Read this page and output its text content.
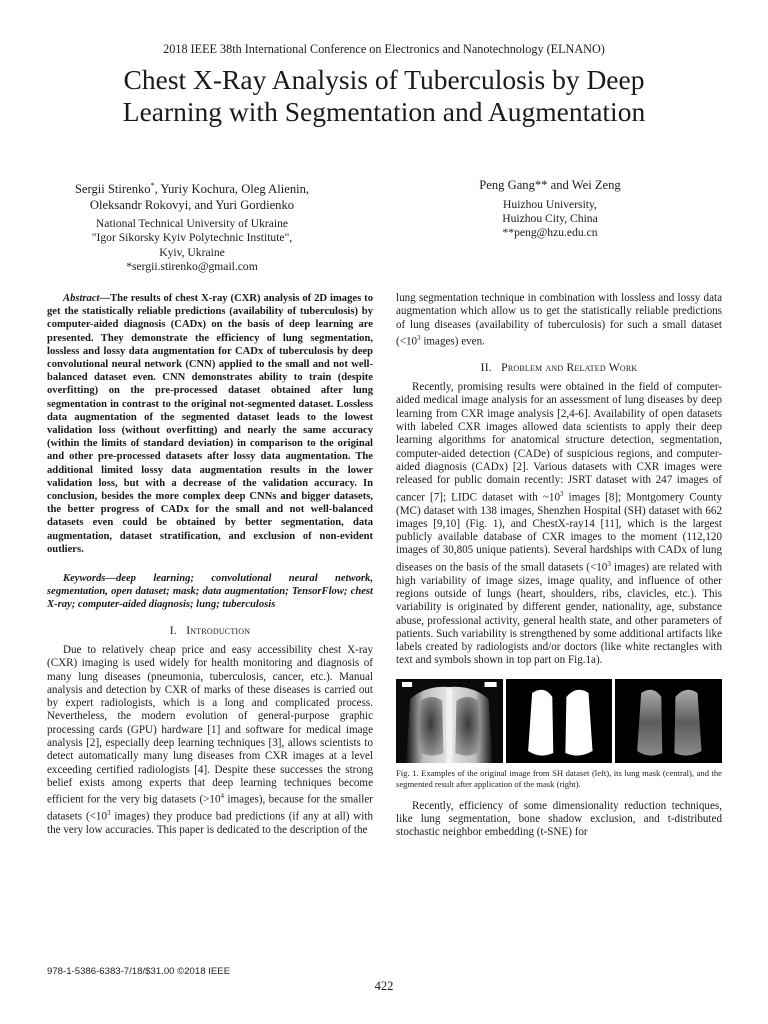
2018 IEEE 38th International Conference on Electronics and Nanotechnology (ELNANO)
Chest X-Ray Analysis of Tuberculosis by Deep
Learning with Segmentation and Augmentation
Sergii Stirenko*, Yuriy Kochura, Oleg Alienin,
Oleksandr Rokovyi, and Yuri Gordienko
National Technical University of Ukraine
"Igor Sikorsky Kyiv Polytechnic Institute",
Kyiv, Ukraine
*sergii.stirenko@gmail.com
Peng Gang** and Wei Zeng
Huizhou University,
Huizhou City, China
**peng@hzu.edu.cn

Abstract—The results of chest X-ray (CXR) analysis of 2D images to get the statistically reliable predictions (availability of tuberculosis) by computer-aided diagnosis (CADx) on the basis of deep learning are presented. They demonstrate the efficiency of lung segmentation, lossless and lossy data augmentation for CADx of tuberculosis by deep convolutional neural network (CNN) applied to the small and not well-balanced dataset even. CNN demonstrates ability to train (despite overfitting) on the pre-processed dataset obtained after lung segmentation in contrast to the original not-segmented dataset. Lossless data augmentation of the segmented dataset leads to the lowest validation loss (without overfitting) and nearly the same accuracy (within the limits of standard deviation) in comparison to the original and other pre-processed datasets after lossy data augmentation. The additional limited lossy data augmentation results in the lower validation loss, but with a decrease of the validation accuracy. In conclusion, besides the more complex deep CNNs and bigger datasets, the better progress of CADx for the small and not well-balanced datasets even could be obtained by better segmentation, data augmentation, dataset stratification, and exclusion of non-evident outliers.

Keywords—deep learning; convolutional neural network, segmentation, open dataset; mask; data augmentation; TensorFlow; chest X-ray; computer-aided diagnosis; lung; tuberculosis

I. Introduction

Due to relatively cheap price and easy accessibility chest X-ray (CXR) imaging is used widely for health monitoring and diagnosis of many lung diseases (pneumonia, tuberculosis, cancer, etc.). Manual analysis and detection by CXR of marks of these diseases is carried out by expert radiologists, which is a long and complicated process. Nevertheless, the modern evolution of general-purpose graphic processing cards (GPU) hardware [1] and software for medical image analysis [2], especially deep learning techniques [3], allows scientists to detect automatically many lung diseases from CXR images at a level exceeding certified radiologists [4]. Despite these successes the strong belief exists among experts that deep learning techniques become efficient for the very big datasets ($>10^4$ images), because for the smaller datasets ($<10^3$ images) they produce bad predictions (if any at all) with the very low accuracies. This paper is dedicated to the description of the

lung segmentation technique in combination with lossless and lossy data augmentation which allow us to get the statistically reliable predictions of lung diseases (availability of tuberculosis) for such a small dataset ($<10^3$ images) even.

II. Problem and Related Work

Recently, promising results were obtained in the field of computer-aided medical image analysis for an assessment of lung diseases by deep learning from CXR image analysis [2,4-6]. Availability of open datasets with labeled CXR images allowed data scientists to apply their deep learning algorithms for anatomical structure detection, segmentation, computer-aided detection (CADe) of suspicious regions, and computer-aided diagnosis (CADx) [2]. Various datasets with CXR images were released for public domain recently: JSRT dataset with 247 images of cancer [7]; LIDC dataset with $\sim 10^3$ images [8]; Montgomery County (MC) dataset with 138 images, Shenzhen Hospital (SH) dataset with 662 images [9,10] (Fig. 1), and ChestX-ray14 [11], which is the largest publicly available database of CXR images to the moment (112,120 images of 30,805 unique patients). Several hardships with CADx of lung diseases on the basis of the small datasets ($<10^3$ images) are related with high variability of image sizes, image quality, and influence of other regions outside of lungs (heart, shoulders, ribs, clavicles, etc.). This variability is originated by different gender, nationality, age, substance abuse, professional activity, general health state, and other parameters of patients. Such variability is strengthened by some additional artifacts like labels created by radiologists and/or doctors (like white rectangles with text and symbols shown in top part on Fig.1a).

Fig. 1. Examples of the original image from SH dataset (left), its lung mask (central), and the segmented result after application of the mask (right).

Recently, efficiency of some dimensionality reduction techniques, like lung segmentation, bone shadow exclusion, and t-distributed stochastic neighbor embedding (t-SNE) for

978-1-5386-6383-7/18/$31.00 ©2018 IEEE
422
